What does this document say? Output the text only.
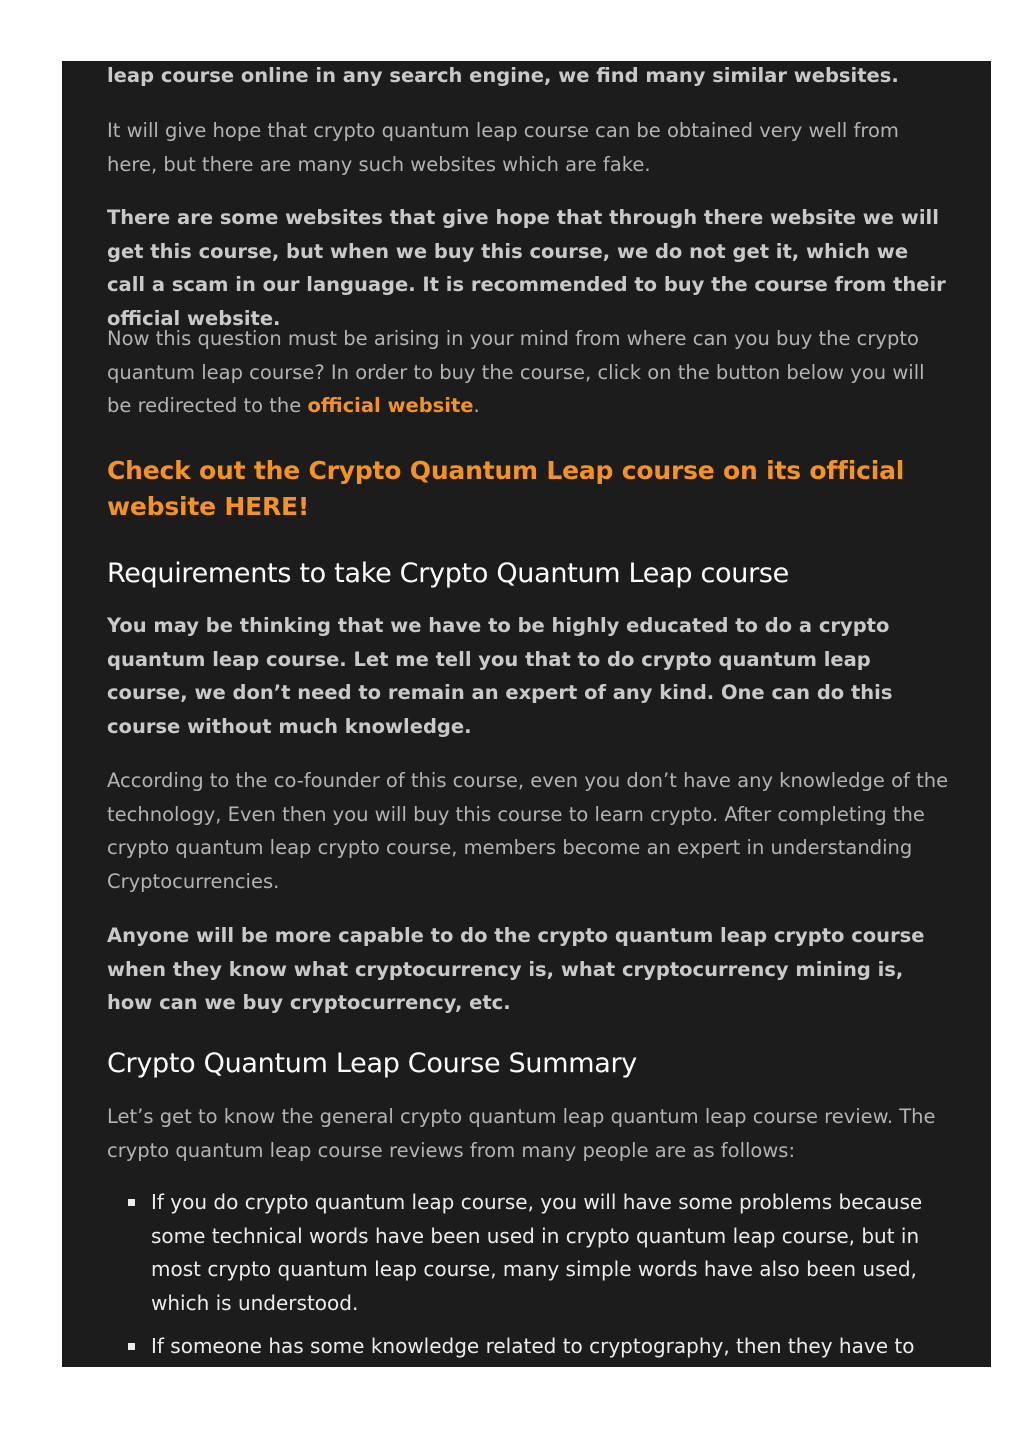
leap course online in any search engine, we find many similar websites.

It will give hope that crypto quantum leap course can be obtained very well from here, but there are many such websites which are fake.

There are some websites that give hope that through there website we will get this course, but when we buy this course, we do not get it, which we call a scam in our language. It is recommended to buy the course from their official website.

Now this question must be arising in your mind from where can you buy the crypto quantum leap course? In order to buy the course, click on the button below you will be redirected to the official website.

Check out the Crypto Quantum Leap course on its official website HERE!
Requirements to take Crypto Quantum Leap course

You may be thinking that we have to be highly educated to do a crypto quantum leap course. Let me tell you that to do crypto quantum leap course, we don’t need to remain an expert of any kind. One can do this course without much knowledge.

According to the co-founder of this course, even you don’t have any knowledge of the technology, Even then you will buy this course to learn crypto. After completing the crypto quantum leap crypto course, members become an expert in understanding Cryptocurrencies.

Anyone will be more capable to do the crypto quantum leap crypto course when they know what cryptocurrency is, what cryptocurrency mining is, how can we buy cryptocurrency, etc.

Crypto Quantum Leap Course Summary

Let’s get to know the general crypto quantum leap quantum leap course review. The crypto quantum leap course reviews from many people are as follows:

If you do crypto quantum leap course, you will have some problems because some technical words have been used in crypto quantum leap course, but in most crypto quantum leap course, many simple words have also been used, which is understood.
If someone has some knowledge related to cryptography, then they have to
